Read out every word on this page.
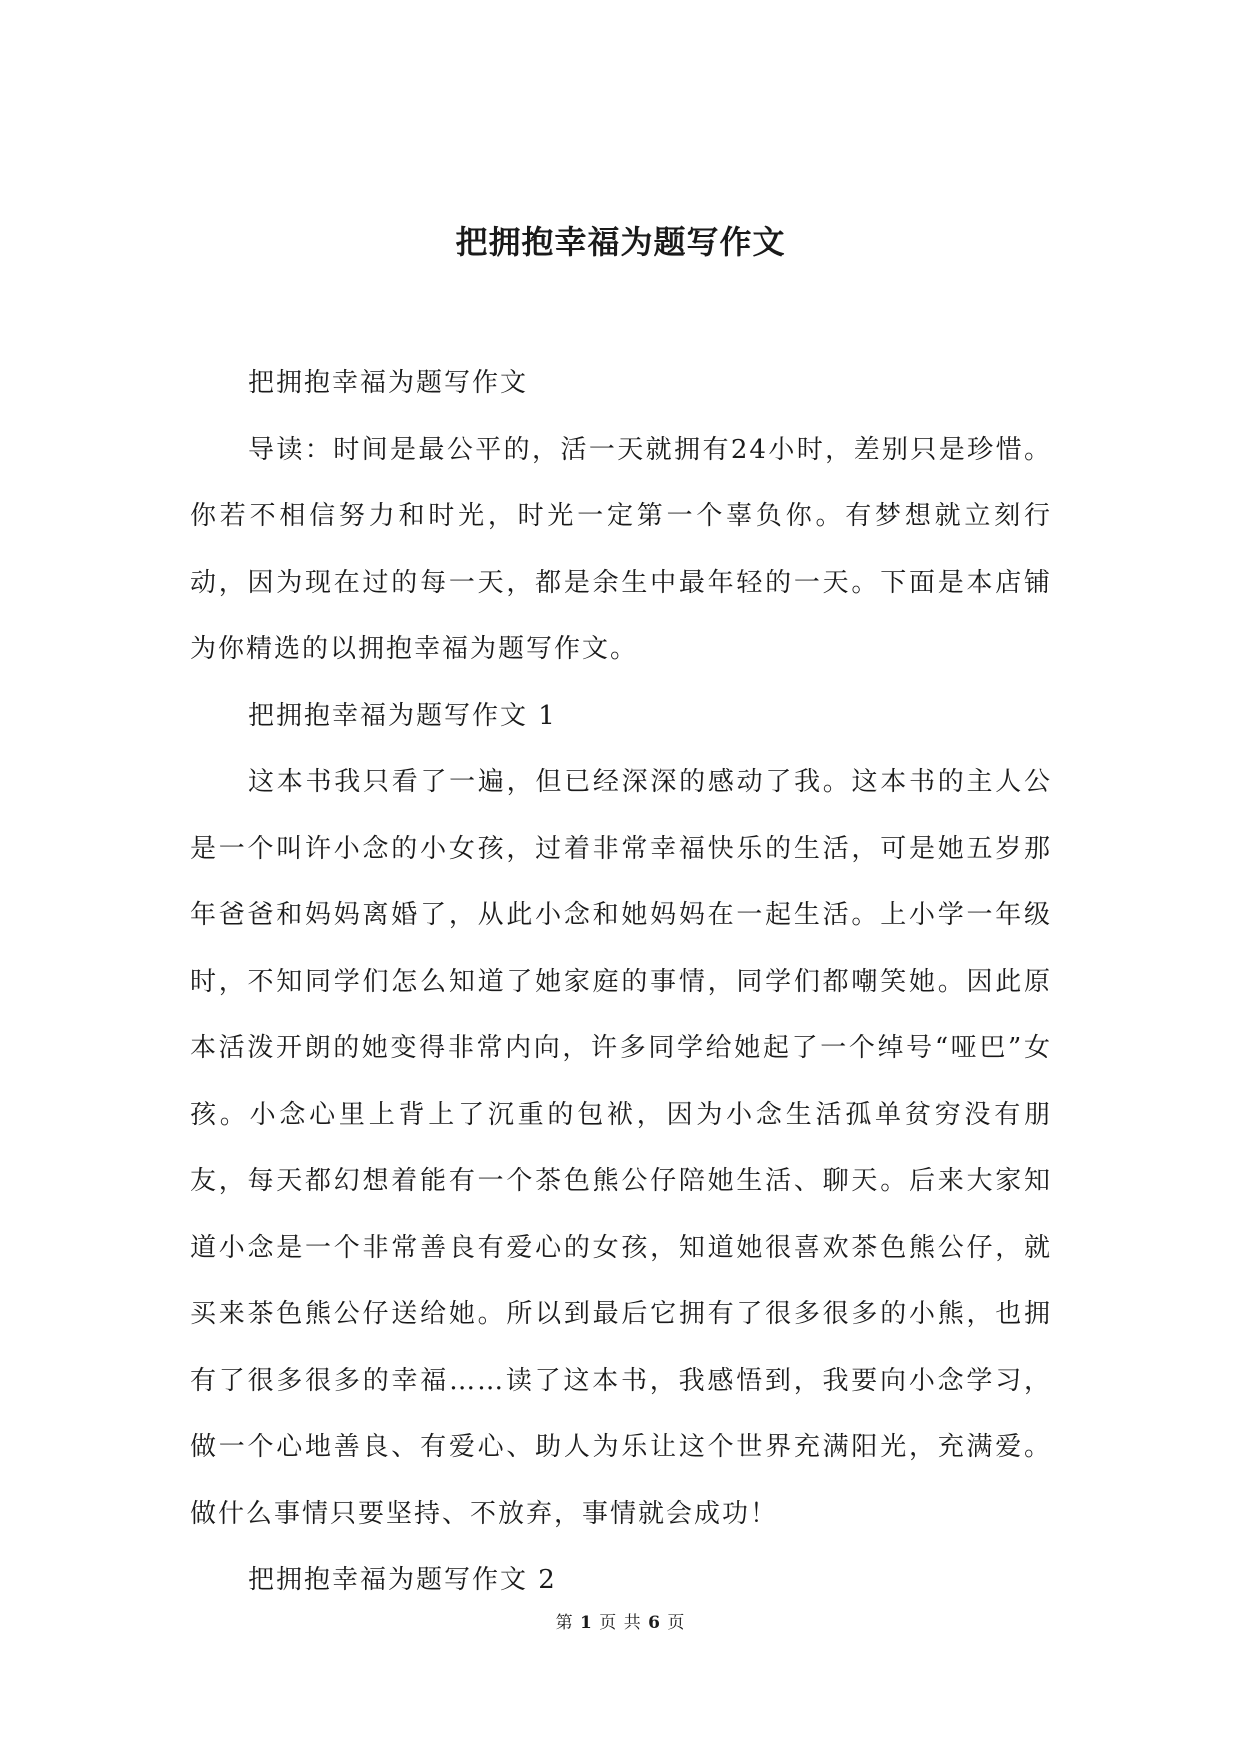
把拥抱幸福为题写作文

把拥抱幸福为题写作文

导读：时间是最公平的，活一天就拥有24小时，差别只是珍惜。你若不相信努力和时光，时光一定第一个辜负你。有梦想就立刻行动，因为现在过的每一天，都是余生中最年轻的一天。下面是本店铺为你精选的以拥抱幸福为题写作文。

把拥抱幸福为题写作文 1

这本书我只看了一遍，但已经深深的感动了我。这本书的主人公是一个叫许小念的小女孩，过着非常幸福快乐的生活，可是她五岁那年爸爸和妈妈离婚了，从此小念和她妈妈在一起生活。上小学一年级时，不知同学们怎么知道了她家庭的事情，同学们都嘲笑她。因此原本活泼开朗的她变得非常内向，许多同学给她起了一个绰号“哑巴”女孩。小念心里上背上了沉重的包袱，因为小念生活孤单贫穷没有朋友，每天都幻想着能有一个茶色熊公仔陪她生活、聊天。后来大家知道小念是一个非常善良有爱心的女孩，知道她很喜欢茶色熊公仔，就买来茶色熊公仔送给她。所以到最后它拥有了很多很多的小熊，也拥有了很多很多的幸福……读了这本书，我感悟到，我要向小念学习，做一个心地善良、有爱心、助人为乐让这个世界充满阳光，充满爱。做什么事情只要坚持、不放弃，事情就会成功！

把拥抱幸福为题写作文 2

第 1 页 共 6 页
